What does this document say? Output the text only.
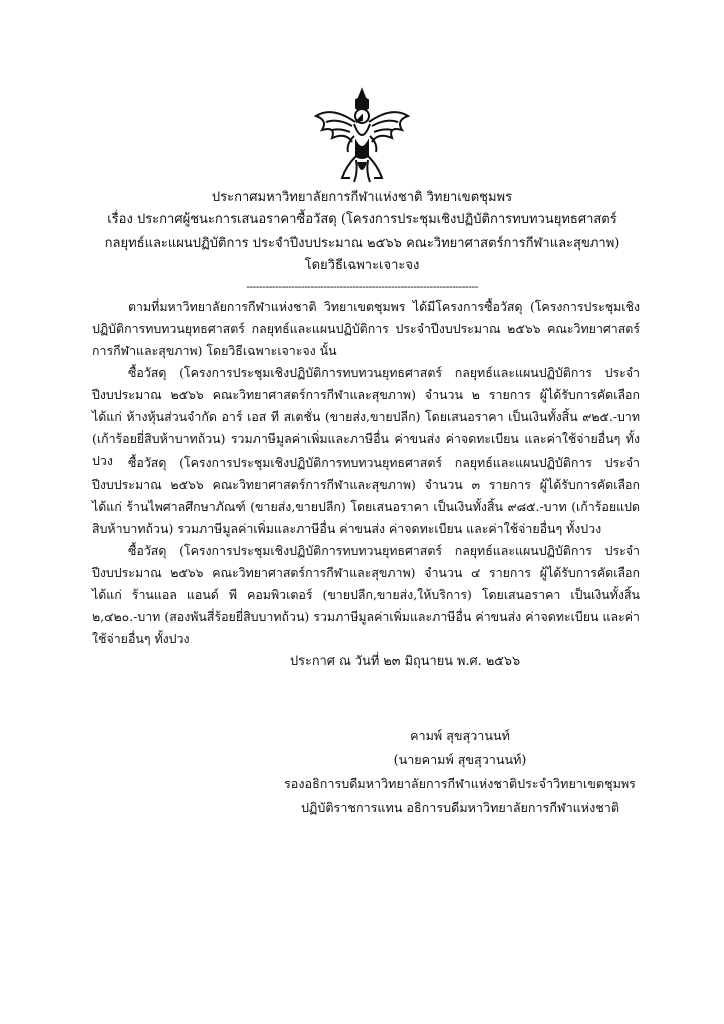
ประกาศมหาวิทยาลัยการกีฬาแห่งชาติ วิทยาเขตชุมพร
เรื่อง ประกาศผู้ชนะการเสนอราคาซื้อวัสดุ (โครงการประชุมเชิงปฏิบัติการทบทวนยุทธศาสตร์
กลยุทธ์และแผนปฏิบัติการ ประจำปีงบประมาณ ๒๕๖๖ คณะวิทยาศาสตร์การกีฬาและสุขภาพ)
โดยวิธีเฉพาะเจาะจง
------------------------------------------------------------------------
ตามที่มหาวิทยาลัยการกีฬาแห่งชาติ วิทยาเขตชุมพร ได้มีโครงการซื้อวัสดุ (โครงการประชุมเชิงปฏิบัติการทบทวนยุทธศาสตร์ กลยุทธ์และแผนปฏิบัติการ ประจำปีงบประมาณ ๒๕๖๖ คณะวิทยาศาสตร์การกีฬาและสุขภาพ) โดยวิธีเฉพาะเจาะจง นั้น
ซื้อวัสดุ (โครงการประชุมเชิงปฏิบัติการทบทวนยุทธศาสตร์ กลยุทธ์และแผนปฏิบัติการ ประจำปีงบประมาณ ๒๕๖๖ คณะวิทยาศาสตร์การกีฬาและสุขภาพ) จำนวน ๒ รายการ ผู้ได้รับการคัดเลือก ได้แก่ ห้างหุ้นส่วนจำกัด อาร์ เอส ที สเตชั่น (ขายส่ง,ขายปลีก) โดยเสนอราคา เป็นเงินทั้งสิ้น ๙๒๕.-บาท (เก้าร้อยยี่สิบห้าบาทถ้วน) รวมภาษีมูลค่าเพิ่มและภาษีอื่น ค่าขนส่ง ค่าจดทะเบียน และค่าใช้จ่ายอื่นๆ ทั้งปวง	ซื้อวัสดุ (โครงการประชุมเชิงปฏิบัติการทบทวนยุทธศาสตร์ กลยุทธ์และแผนปฏิบัติการ ประจำปีงบประมาณ ๒๕๖๖ คณะวิทยาศาสตร์การกีฬาและสุขภาพ) จำนวน ๓ รายการ ผู้ได้รับการคัดเลือก ได้แก่ ร้านไพศาลศึกษาภัณฑ์ (ขายส่ง,ขายปลีก) โดยเสนอราคา เป็นเงินทั้งสิ้น ๙๘๕.-บาท (เก้าร้อยแปดสิบห้าบาทถ้วน) รวมภาษีมูลค่าเพิ่มและภาษีอื่น ค่าขนส่ง ค่าจดทะเบียน และค่าใช้จ่ายอื่นๆ ทั้งปวง
ซื้อวัสดุ (โครงการประชุมเชิงปฏิบัติการทบทวนยุทธศาสตร์ กลยุทธ์และแผนปฏิบัติการ ประจำปีงบประมาณ ๒๕๖๖ คณะวิทยาศาสตร์การกีฬาและสุขภาพ) จำนวน ๔ รายการ ผู้ได้รับการคัดเลือก ได้แก่ ร้านแอล แอนด์ พี คอมพิวเตอร์ (ขายปลีก,ขายส่ง,ให้บริการ) โดยเสนอราคา เป็นเงินทั้งสิ้น ๒,๔๒๐.-บาท (สองพันสี่ร้อยยี่สิบบาทถ้วน) รวมภาษีมูลค่าเพิ่มและภาษีอื่น ค่าขนส่ง ค่าจดทะเบียน และค่าใช้จ่ายอื่นๆ ทั้งปวง
ประกาศ ณ วันที่ ๒๓ มิถุนายน พ.ศ. ๒๕๖๖
คามพ์ สุขสุวานนท์
(นายคามพ์ สุขสุวานนท์)
รองอธิการบดีมหาวิทยาลัยการกีฬาแห่งชาติประจำวิทยาเขตชุมพร
ปฏิบัติราชการแทน อธิการบดีมหาวิทยาลัยการกีฬาแห่งชาติ
